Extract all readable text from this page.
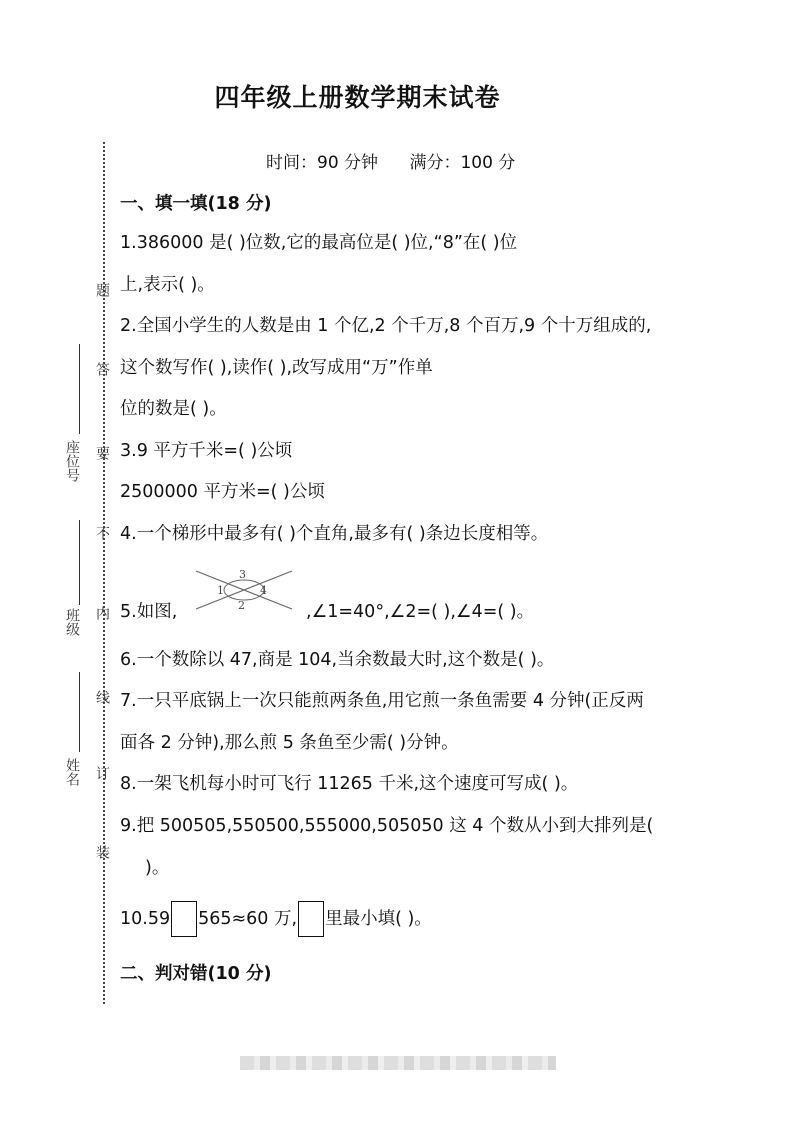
四年级上册数学期末试卷
时间：90 分钟 满分：100 分
座位号
班级
姓名
题
答
要
不
内
线
订
装
一、填一填(18 分)
1.386000 是( )位数,它的最高位是( )位,“8”在( )位
上,表示( )。
2.全国小学生的人数是由 1 个亿,2 个千万,8 个百万,9 个十万组成的,
这个数写作( ),读作( ),改写成用“万”作单
位的数是( )。
3.9 平方千米=( )公顷
2500000 平方米=( )公顷
4.一个梯形中最多有( )个直角,最多有( )条边长度相等。
5.如图,
3
1	4
2	,∠1=40°,∠2=( ),∠4=( )。
6.一个数除以 47,商是 104,当余数最大时,这个数是( )。
7.一只平底锅上一次只能煎两条鱼,用它煎一条鱼需要 4 分钟(正反两
面各 2 分钟),那么煎 5 条鱼至少需( )分钟。
8.一架飞机每小时可飞行 11265 千米,这个速度可写成( )。
9.把 500505,550500,555000,505050 这 4 个数从小到大排列是(
)。
10.59 565≈60 万, 里最小填( )。
二、判对错(10 分)
